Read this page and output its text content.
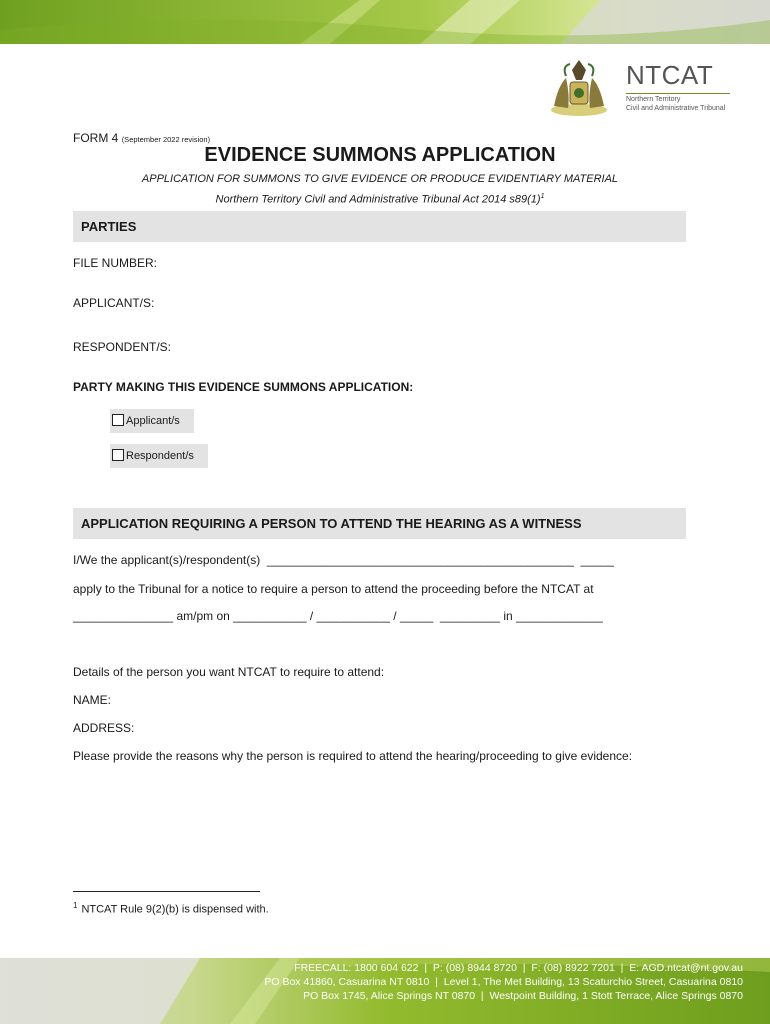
NTCAT
Northern Territory
Civil and Administrative Tribunal
FORM 4 (September 2022 revision)
EVIDENCE SUMMONS APPLICATION
APPLICATION FOR SUMMONS TO GIVE EVIDENCE OR PRODUCE EVIDENTIARY MATERIAL
Northern Territory Civil and Administrative Tribunal Act 2014 $s89(1)^1$
PARTIES
FILE NUMBER:
APPLICANT/S:
RESPONDENT/S:
PARTY MAKING THIS EVIDENCE SUMMONS APPLICATION:
Applicant/s
Respondent/s
APPLICATION REQUIRING A PERSON TO ATTEND THE HEARING AS A WITNESS
I/We the applicant(s)/respondent(s)  ______________________________________________  _____
apply to the Tribunal for a notice to require a person to attend the proceeding before the NTCAT at
_______________ am/pm on ___________ / ___________ / _____  _________ in _____________
Details of the person you want NTCAT to require to attend:
NAME:
ADDRESS:
Please provide the reasons why the person is required to attend the hearing/proceeding to give evidence:
$^1$ NTCAT Rule 9(2)(b) is dispensed with.
FREECALL: 1800 604 622  |  P: (08) 8944 8720  |  F: (08) 8922 7201  |  E: AGD.ntcat@nt.gov.au
PO Box 41860, Casuarina NT 0810  |  Level 1, The Met Building, 13 Scaturchio Street, Casuarina 0810
PO Box 1745, Alice Springs NT 0870  |  Westpoint Building, 1 Stott Terrace, Alice Springs 0870
